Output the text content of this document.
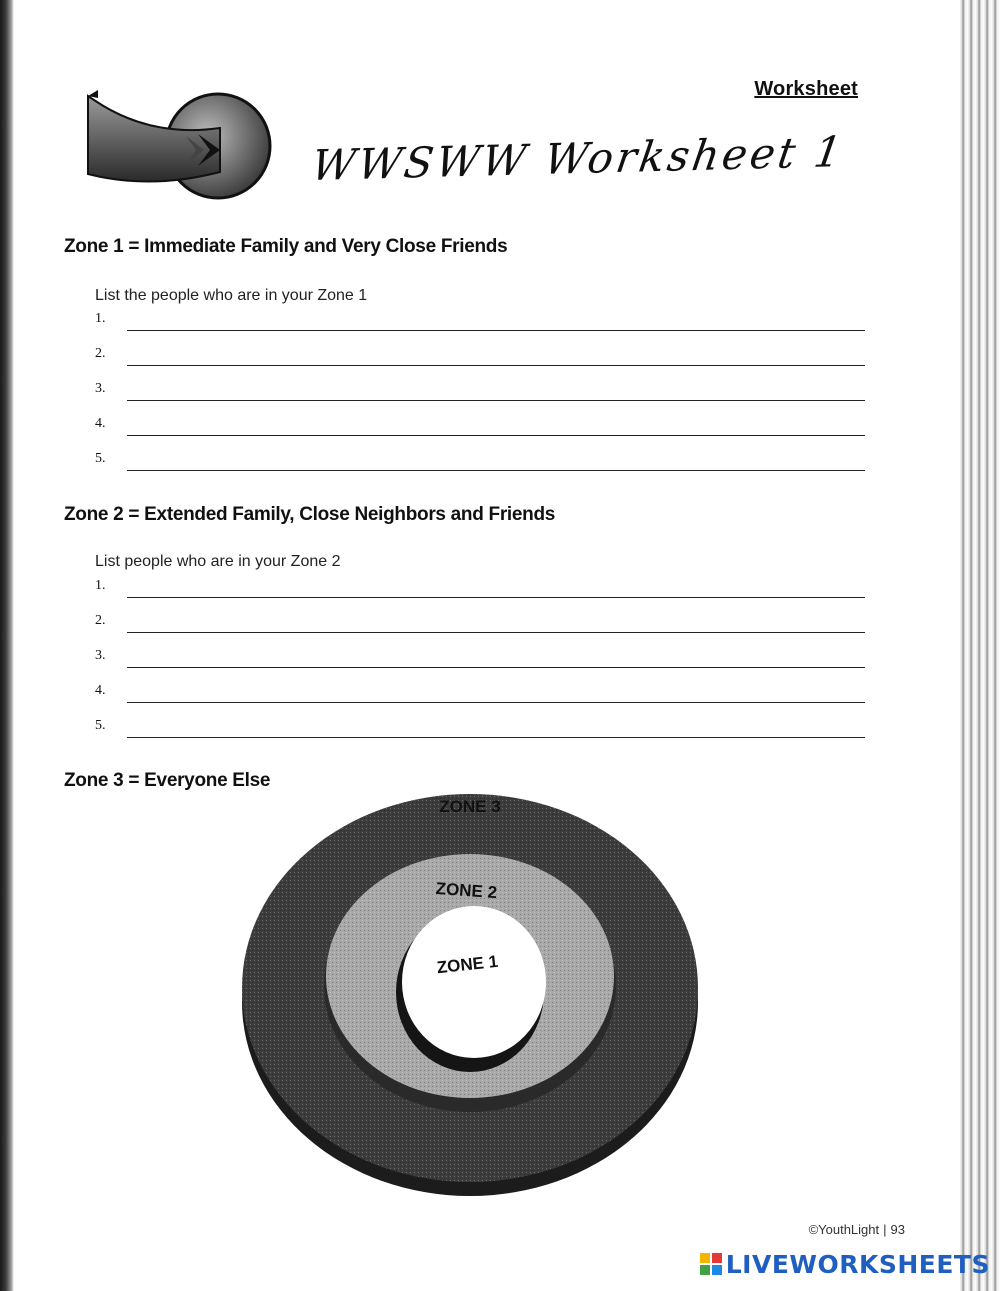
Worksheet
WWSWW Worksheet 1
Zone 1 = Immediate Family and Very Close Friends
List the people who are in your Zone 1
1.
2.
3.
4.
5.
Zone 2 = Extended Family, Close Neighbors and Friends
List people who are in your Zone 2
1.
2.
3.
4.
5.
Zone 3 = Everyone Else
ZONE 3
ZONE 2
ZONE 1
©YouthLight | 93
LIVEWORKSHEETS
